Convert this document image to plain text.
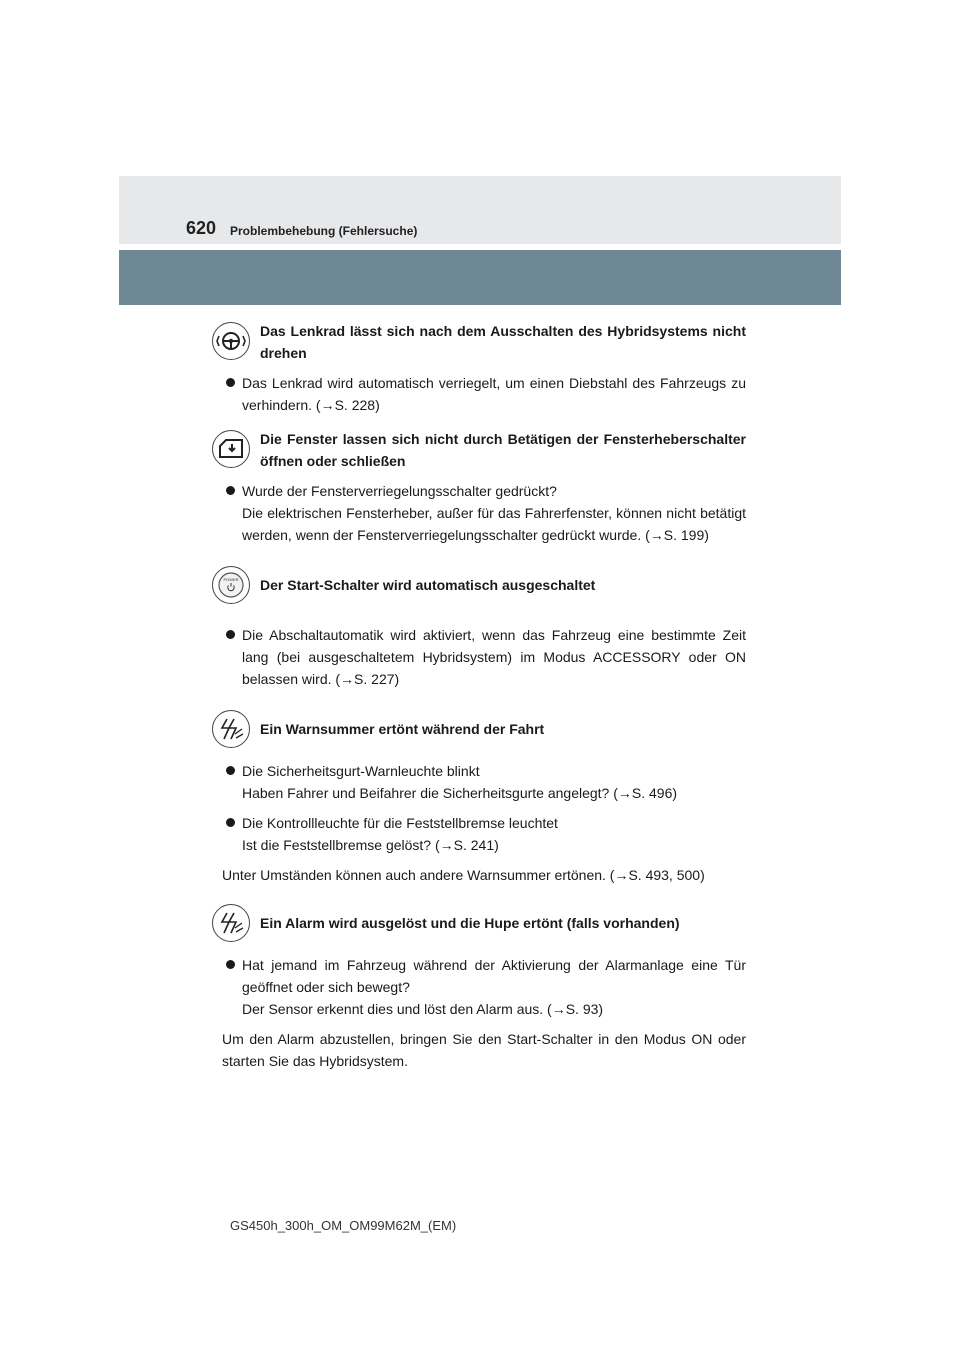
620 Problembehebung (Fehlersuche)
Das Lenkrad lässt sich nach dem Ausschalten des Hybridsystems nicht drehen
Das Lenkrad wird automatisch verriegelt, um einen Diebstahl des Fahrzeugs zu verhindern. (→S. 228)
Die Fenster lassen sich nicht durch Betätigen der Fensterheberschalter öffnen oder schließen
Wurde der Fensterverriegelungsschalter gedrückt?
Die elektrischen Fensterheber, außer für das Fahrerfenster, können nicht betätigt werden, wenn der Fensterverriegelungsschalter gedrückt wurde. (→S. 199)
POWER Der Start-Schalter wird automatisch ausgeschaltet
Die Abschaltautomatik wird aktiviert, wenn das Fahrzeug eine bestimmte Zeit lang (bei ausgeschaltetem Hybridsystem) im Modus ACCESSORY oder ON belassen wird. (→S. 227)
Ein Warnsummer ertönt während der Fahrt
Die Sicherheitsgurt-Warnleuchte blinkt
Haben Fahrer und Beifahrer die Sicherheitsgurte angelegt? (→S. 496)
Die Kontrollleuchte für die Feststellbremse leuchtet
Ist die Feststellbremse gelöst? (→S. 241)
Unter Umständen können auch andere Warnsummer ertönen. (→S. 493, 500)
Ein Alarm wird ausgelöst und die Hupe ertönt (falls vorhanden)
Hat jemand im Fahrzeug während der Aktivierung der Alarmanlage eine Tür geöffnet oder sich bewegt?
Der Sensor erkennt dies und löst den Alarm aus. (→S. 93)
Um den Alarm abzustellen, bringen Sie den Start-Schalter in den Modus ON oder starten Sie das Hybridsystem.
GS450h_300h_OM_OM99M62M_(EM)
